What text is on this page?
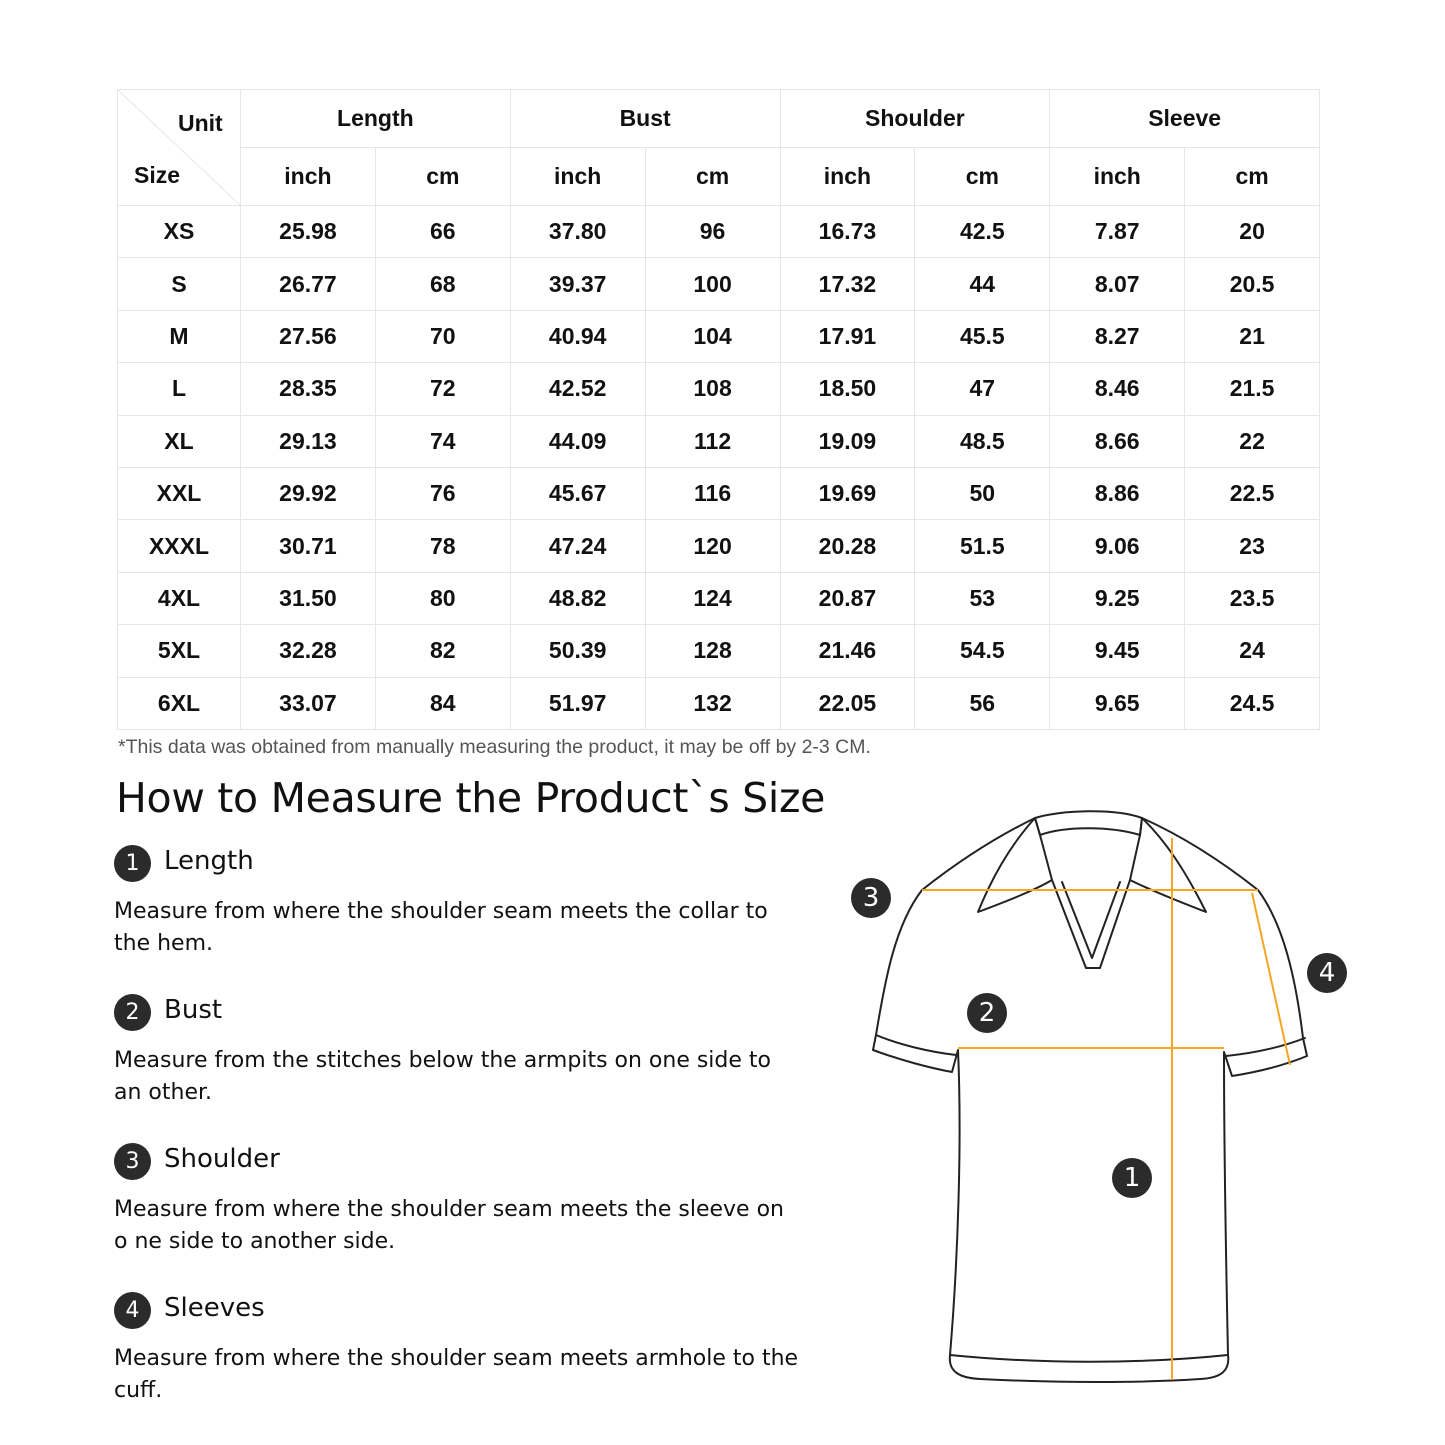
Unit
Size	Length		Bust		Shoulder		Sleeve	
	inch	cm	inch	cm	inch	cm	inch	cm
XS	25.98	66	37.80	96	16.73	42.5	7.87	20
S	26.77	68	39.37	100	17.32	44	8.07	20.5
M	27.56	70	40.94	104	17.91	45.5	8.27	21
L	28.35	72	42.52	108	18.50	47	8.46	21.5
XL	29.13	74	44.09	112	19.09	48.5	8.66	22
XXL	29.92	76	45.67	116	19.69	50	8.86	22.5
XXXL	30.71	78	47.24	120	20.28	51.5	9.06	23
4XL	31.50	80	48.82	124	20.87	53	9.25	23.5
5XL	32.28	82	50.39	128	21.46	54.5	9.45	24
6XL	33.07	84	51.97	132	22.05	56	9.65	24.5
*This data was obtained from manually measuring the product, it may be off by 2-3 CM.
How to Measure the Product`s Size
1 Length

Measure from where the shoulder seam meets the collar to the hem.

2 Bust

Measure from the stitches below the armpits on one side to an other.

3 Shoulder

Measure from where the shoulder seam meets the sleeve on o ne side to another side.

4 Sleeves

Measure from where the shoulder seam meets armhole to the cuff.

1
2
3
4
